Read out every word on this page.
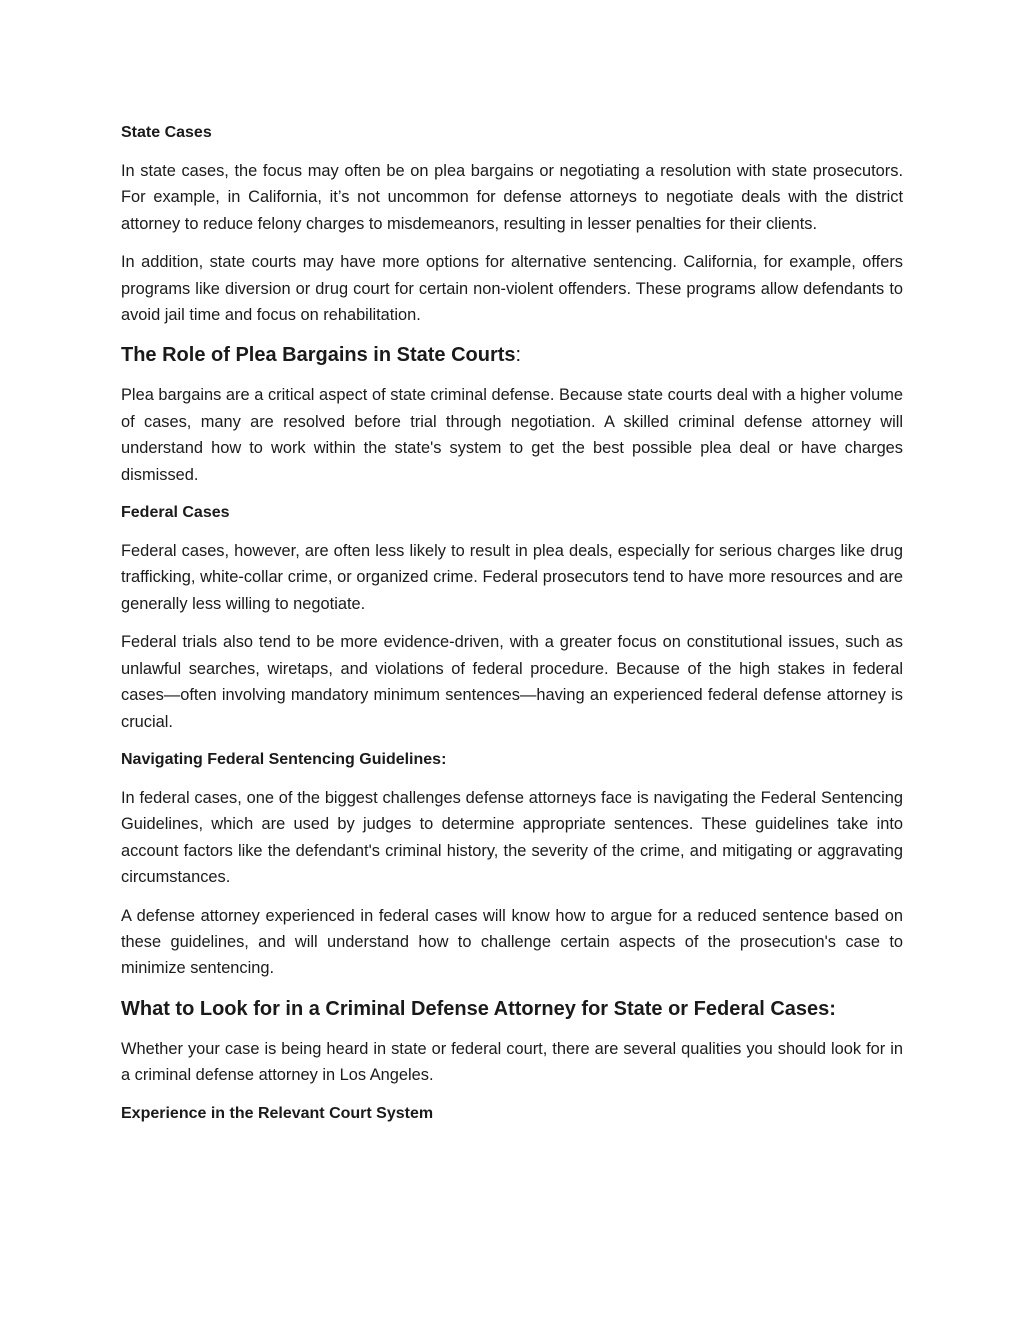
State Cases

In state cases, the focus may often be on plea bargains or negotiating a resolution with state prosecutors. For example, in California, it’s not uncommon for defense attorneys to negotiate deals with the district attorney to reduce felony charges to misdemeanors, resulting in lesser penalties for their clients.

In addition, state courts may have more options for alternative sentencing. California, for example, offers programs like diversion or drug court for certain non-violent offenders. These programs allow defendants to avoid jail time and focus on rehabilitation.

The Role of Plea Bargains in State Courts:

Plea bargains are a critical aspect of state criminal defense. Because state courts deal with a higher volume of cases, many are resolved before trial through negotiation. A skilled criminal defense attorney will understand how to work within the state's system to get the best possible plea deal or have charges dismissed.

Federal Cases

Federal cases, however, are often less likely to result in plea deals, especially for serious charges like drug trafficking, white-collar crime, or organized crime. Federal prosecutors tend to have more resources and are generally less willing to negotiate.

Federal trials also tend to be more evidence-driven, with a greater focus on constitutional issues, such as unlawful searches, wiretaps, and violations of federal procedure. Because of the high stakes in federal cases—often involving mandatory minimum sentences—having an experienced federal defense attorney is crucial.

Navigating Federal Sentencing Guidelines:

In federal cases, one of the biggest challenges defense attorneys face is navigating the Federal Sentencing Guidelines, which are used by judges to determine appropriate sentences. These guidelines take into account factors like the defendant's criminal history, the severity of the crime, and mitigating or aggravating circumstances.

A defense attorney experienced in federal cases will know how to argue for a reduced sentence based on these guidelines, and will understand how to challenge certain aspects of the prosecution's case to minimize sentencing.

What to Look for in a Criminal Defense Attorney for State or Federal Cases:

Whether your case is being heard in state or federal court, there are several qualities you should look for in a criminal defense attorney in Los Angeles.

Experience in the Relevant Court System
